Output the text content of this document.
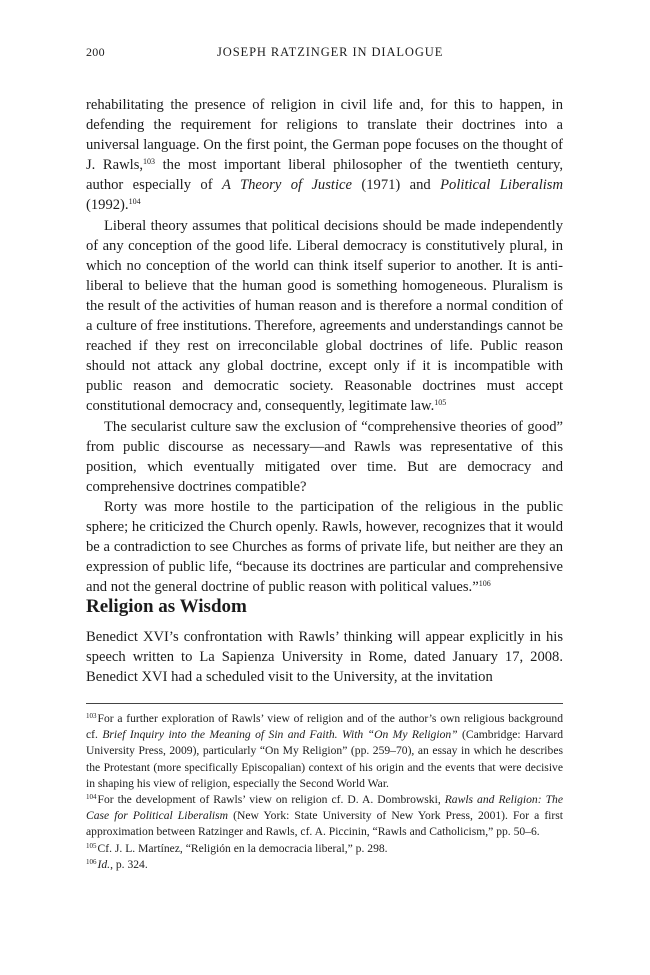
200	JOSEPH RATZINGER IN DIALOGUE

rehabilitating the presence of religion in civil life and, for this to happen, in defending the requirement for religions to translate their doctrines into a universal language. On the first point, the German pope focuses on the thought of J. Rawls,$^{103}$ the most important liberal philosopher of the twentieth century, author especially of A Theory of Justice (1971) and Political Liberalism (1992).$^{104}$

Liberal theory assumes that political decisions should be made independently of any conception of the good life. Liberal democracy is constitutively plural, in which no conception of the world can think itself superior to another. It is anti-liberal to believe that the human good is something homogeneous. Pluralism is the result of the activities of human reason and is therefore a normal condition of a culture of free institutions. Therefore, agreements and understandings cannot be reached if they rest on irreconcilable global doctrines of life. Public reason should not attack any global doctrine, except only if it is incompatible with public reason and democratic society. Reasonable doctrines must accept constitutional democracy and, consequently, legitimate law.$^{105}$

The secularist culture saw the exclusion of “comprehensive theories of good” from public discourse as necessary—and Rawls was representative of this position, which eventually mitigated over time. But are democracy and comprehensive doctrines compatible?

Rorty was more hostile to the participation of the religious in the public sphere; he criticized the Church openly. Rawls, however, recognizes that it would be a contradiction to see Churches as forms of private life, but neither are they an expression of public life, “because its doctrines are particular and comprehensive and not the general doctrine of public reason with political values.”$^{106}$

Religion as Wisdom

Benedict XVI’s confrontation with Rawls’ thinking will appear explicitly in his speech written to La Sapienza University in Rome, dated January 17, 2008. Benedict XVI had a scheduled visit to the University, at the invitation

$^{103}$For a further exploration of Rawls’ view of religion and of the author’s own religious background cf. Brief Inquiry into the Meaning of Sin and Faith. With “On My Religion” (Cambridge: Harvard University Press, 2009), particularly “On My Religion” (pp. 259–70), an essay in which he describes the Protestant (more specifically Episcopalian) context of his origin and the events that were decisive in shaping his view of religion, especially the Second World War.

$^{104}$For the development of Rawls’ view on religion cf. D. A. Dombrowski, Rawls and Religion: The Case for Political Liberalism (New York: State University of New York Press, 2001). For a first approximation between Ratzinger and Rawls, cf. A. Piccinin, “Rawls and Catholicism,” pp. 50–6.

$^{105}$Cf. J. L. Martínez, “Religión en la democracia liberal,” p. 298.

$^{106}$Id., p. 324.
